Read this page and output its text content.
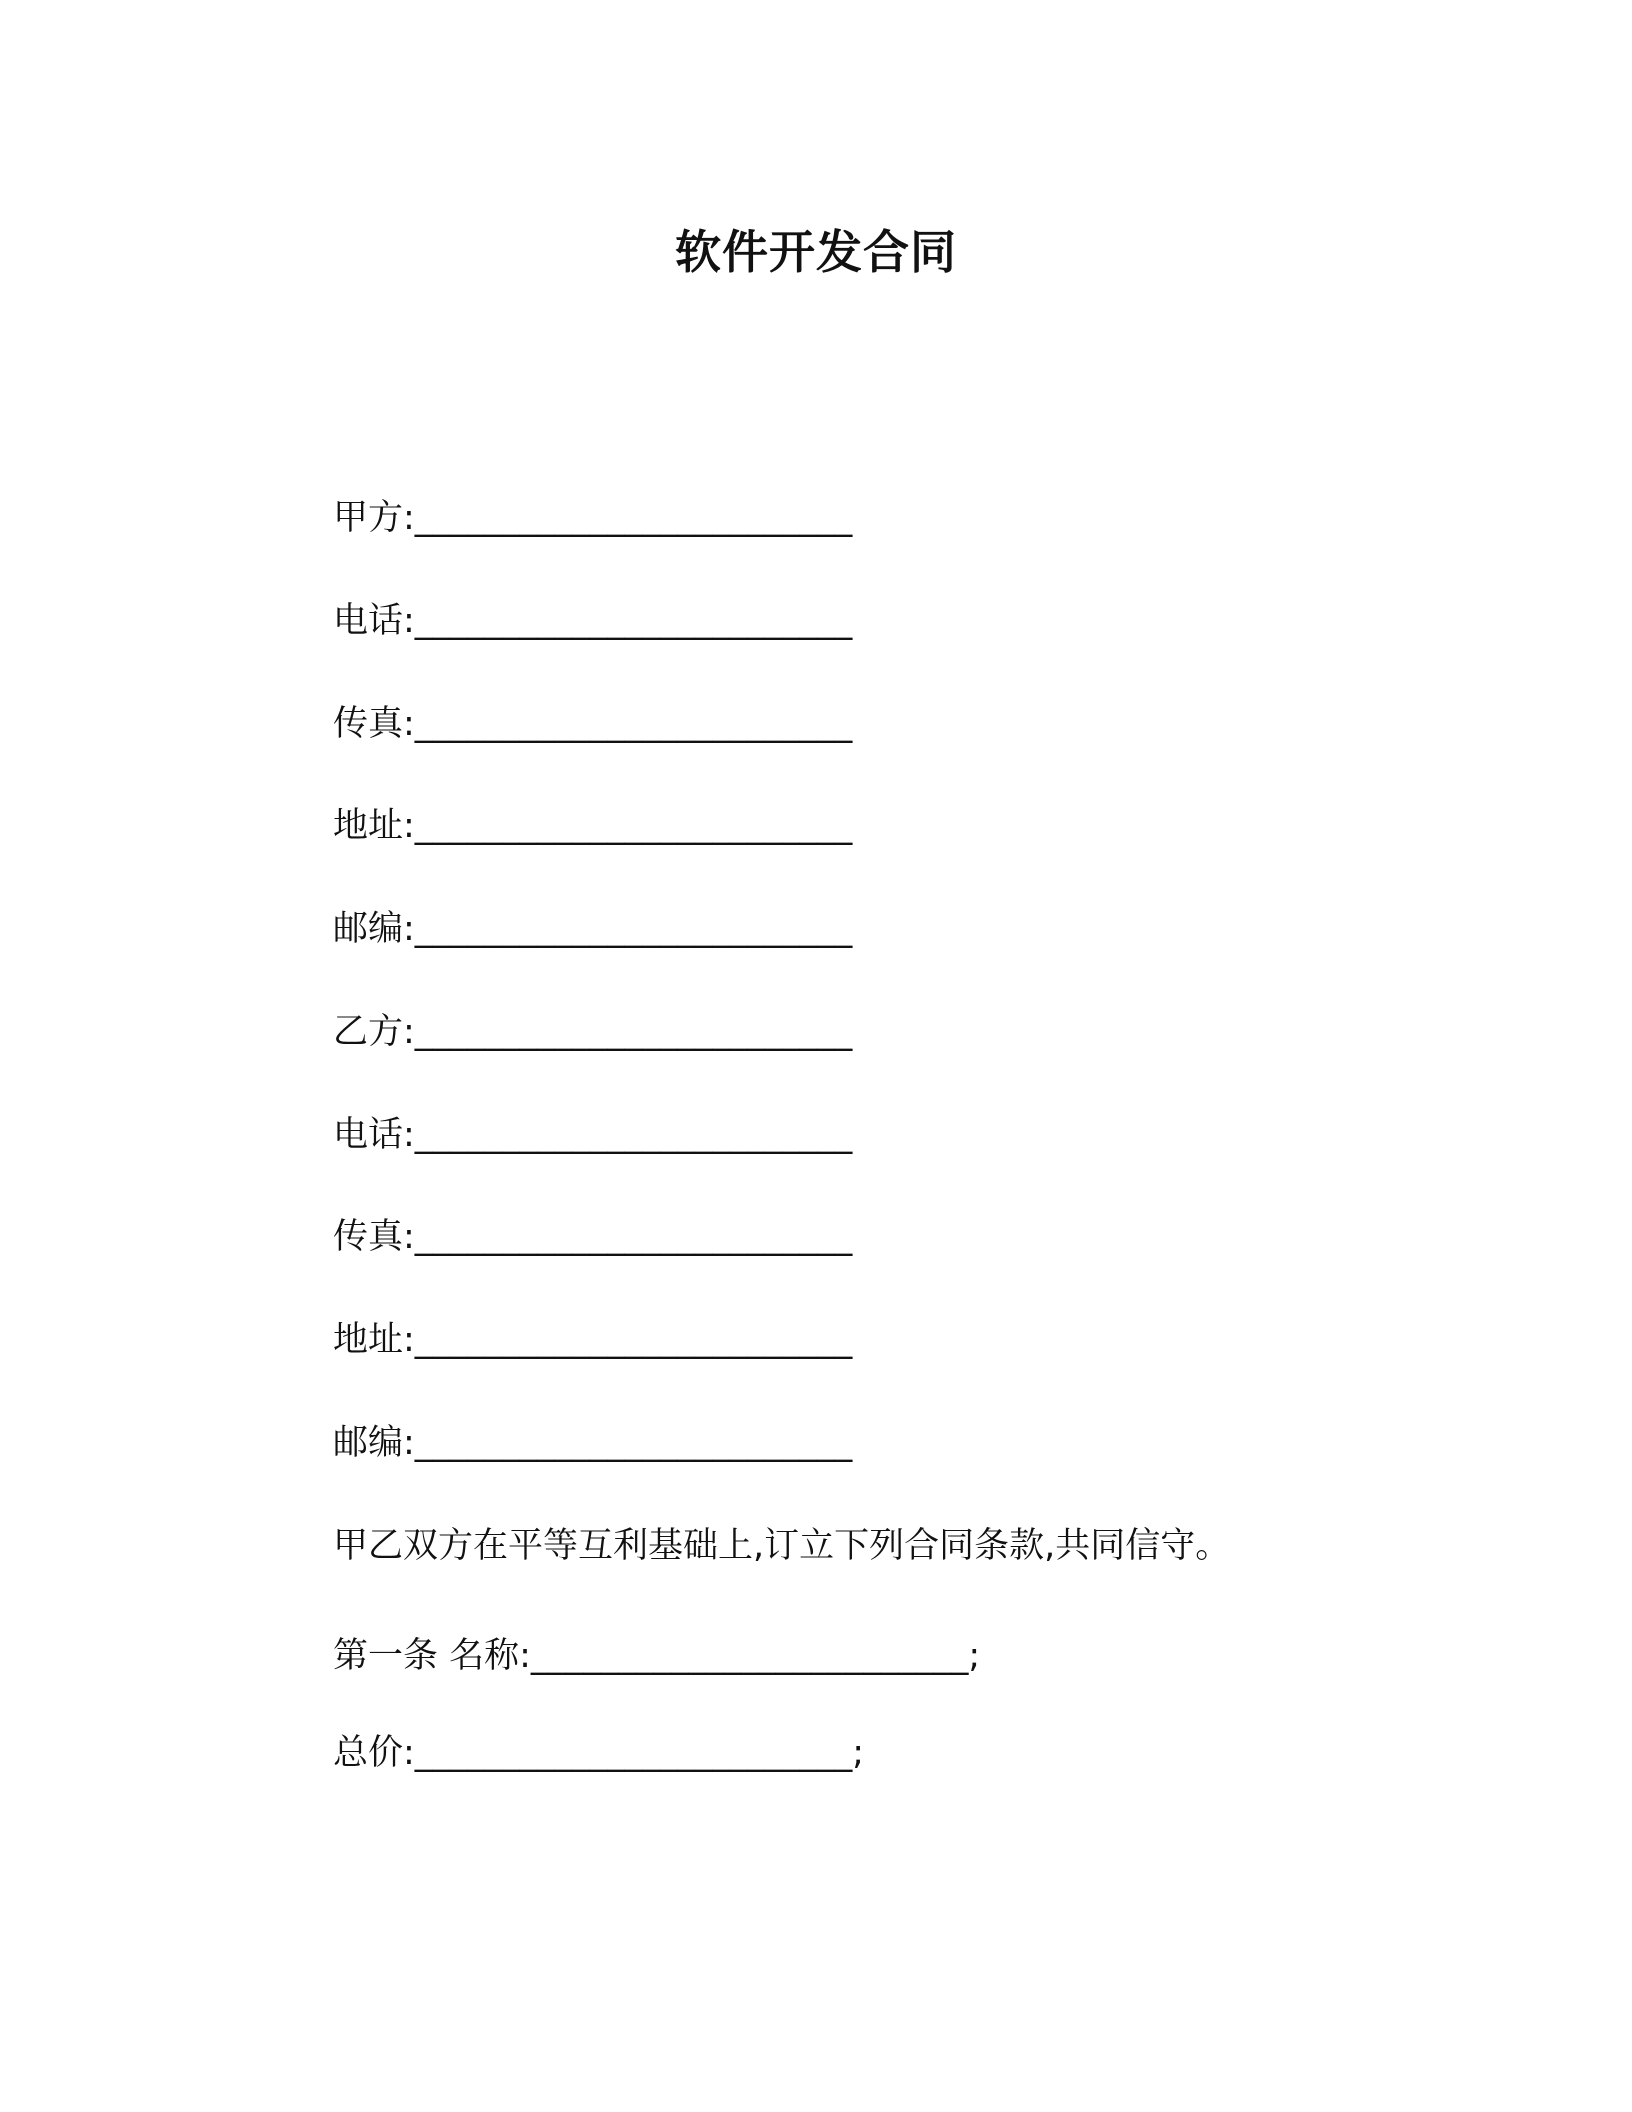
软件开发合同
甲方:_________________________
电话:_________________________
传真:_________________________
地址:_________________________
邮编:_________________________
乙方:_________________________
电话:_________________________
传真:_________________________
地址:_________________________
邮编:_________________________
甲乙双方在平等互利基础上,订立下列合同条款,共同信守。
第一条 名称:_________________________;
总价:_________________________;
